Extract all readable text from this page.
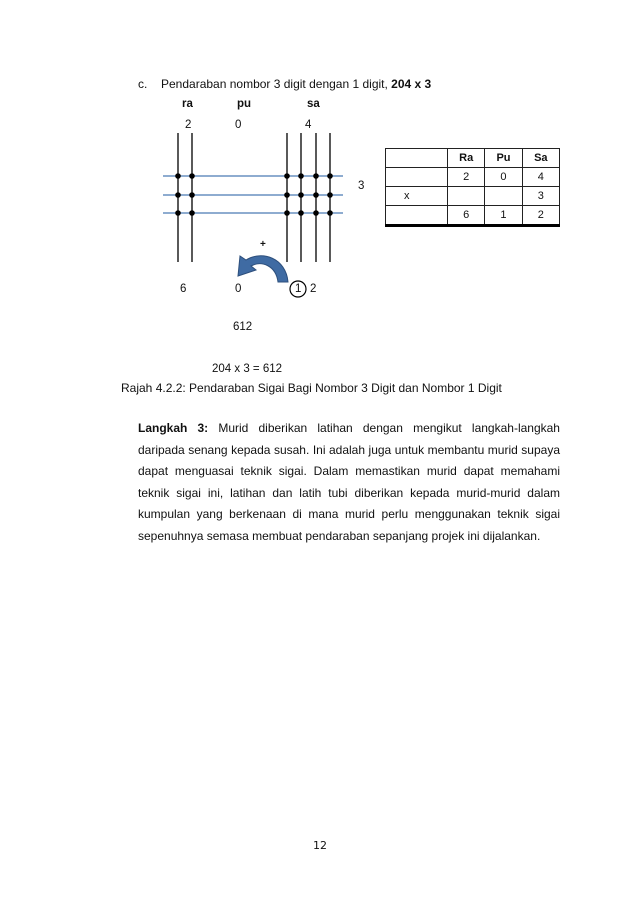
c. Pendaraban nombor 3 digit dengan 1 digit, 204 x 3
ra	pu	sa
2	0	4
3
+
6	0	1 2
612
204 x 3 = 612
Rajah 4.2.2: Pendaraban Sigai Bagi Nombor 3 Digit dan Nombor 1 Digit
	Ra	Pu	Sa
	2	0	4
x			3
	6	1	2
Langkah 3: Murid diberikan latihan dengan mengikut langkah-langkah daripada senang kepada susah. Ini adalah juga untuk membantu murid supaya dapat menguasai teknik sigai. Dalam memastikan murid dapat memahami teknik sigai ini, latihan dan latih tubi diberikan kepada murid-murid dalam kumpulan yang berkenaan di mana murid perlu menggunakan teknik sigai sepenuhnya semasa membuat pendaraban sepanjang projek ini dijalankan.
12
